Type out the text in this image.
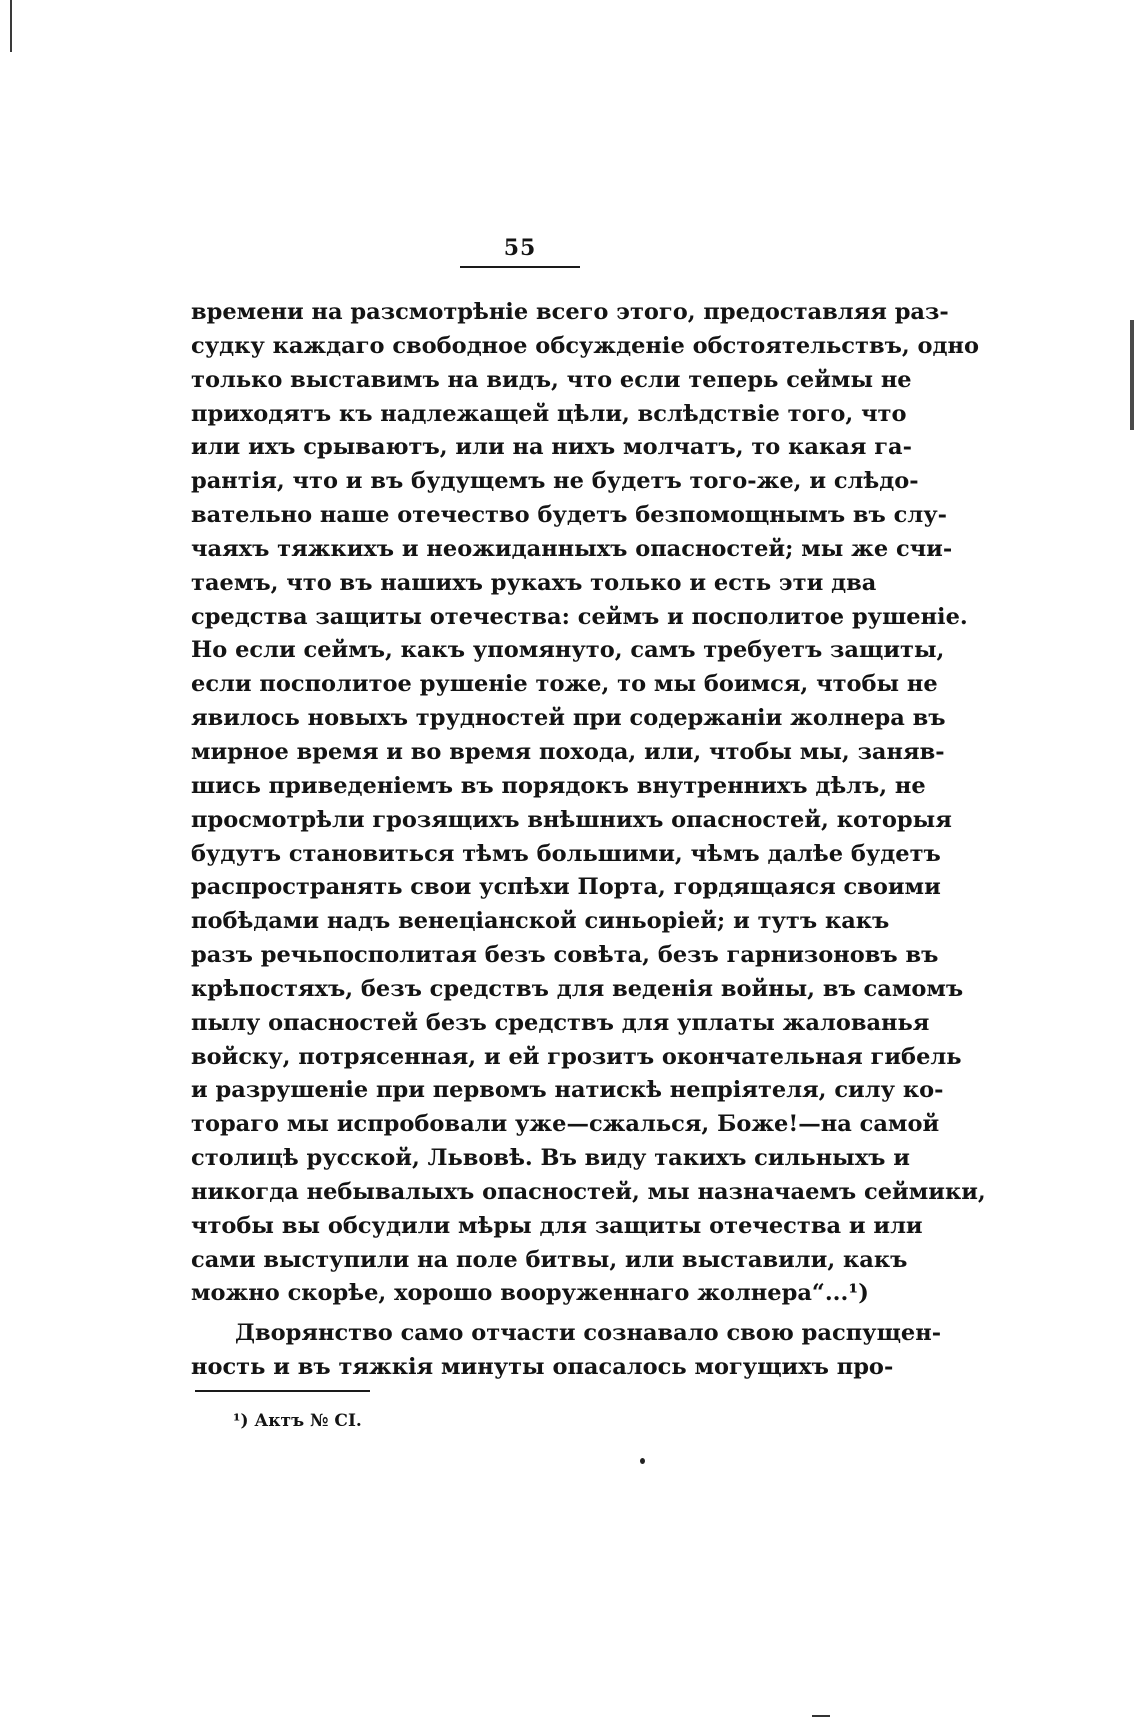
55
времени на разсмотрѣніе всего этого, предоставляя раз-
судку каждаго свободное обсужденіе обстоятельствъ, одно
только выставимъ на видъ, что если теперь сеймы не
приходятъ къ надлежащей цѣли, вслѣдствіе того, что
или ихъ срываютъ, или на нихъ молчатъ, то какая га-
рантія, что и въ будущемъ не будетъ того-же, и слѣдо-
вательно наше отечество будетъ безпомощнымъ въ слу-
чаяхъ тяжкихъ и неожиданныхъ опасностей; мы же счи-
таемъ, что въ нашихъ рукахъ только и есть эти два
средства защиты отечества: сеймъ и посполитое рушеніе.
Но если сеймъ, какъ упомянуто, самъ требуетъ защиты,
если посполитое рушеніе тоже, то мы боимся, чтобы не
явилось новыхъ трудностей при содержаніи жолнера въ
мирное время и во время похода, или, чтобы мы, заняв-
шись приведеніемъ въ порядокъ внутреннихъ дѣлъ, не
просмотрѣли грозящихъ внѣшнихъ опасностей, которыя
будутъ становиться тѣмъ большими, чѣмъ далѣе будетъ
распространять свои успѣхи Порта, гордящаяся своими
побѣдами надъ венеціанской синьоріей; и тутъ какъ
разъ речьпосполитая безъ совѣта, безъ гарнизоновъ въ
крѣпостяхъ, безъ средствъ для веденія войны, въ самомъ
пылу опасностей безъ средствъ для уплаты жалованья
войску, потрясенная, и ей грозитъ окончательная гибель
и разрушеніе при первомъ натискѣ непріятеля, силу ко-
тораго мы испробовали уже—сжалься, Боже!—на самой
столицѣ русской, Львовѣ. Въ виду такихъ сильныхъ и
никогда небывалыхъ опасностей, мы назначаемъ сеймики,
чтобы вы обсудили мѣры для защиты отечества и или
сами выступили на поле битвы, или выставили, какъ
можно скорѣе, хорошо вооруженнаго жолнера“...¹)
Дворянство само отчасти сознавало свою распущен-
ность и въ тяжкія минуты опасалось могущихъ про-
¹) Актъ № CI.
